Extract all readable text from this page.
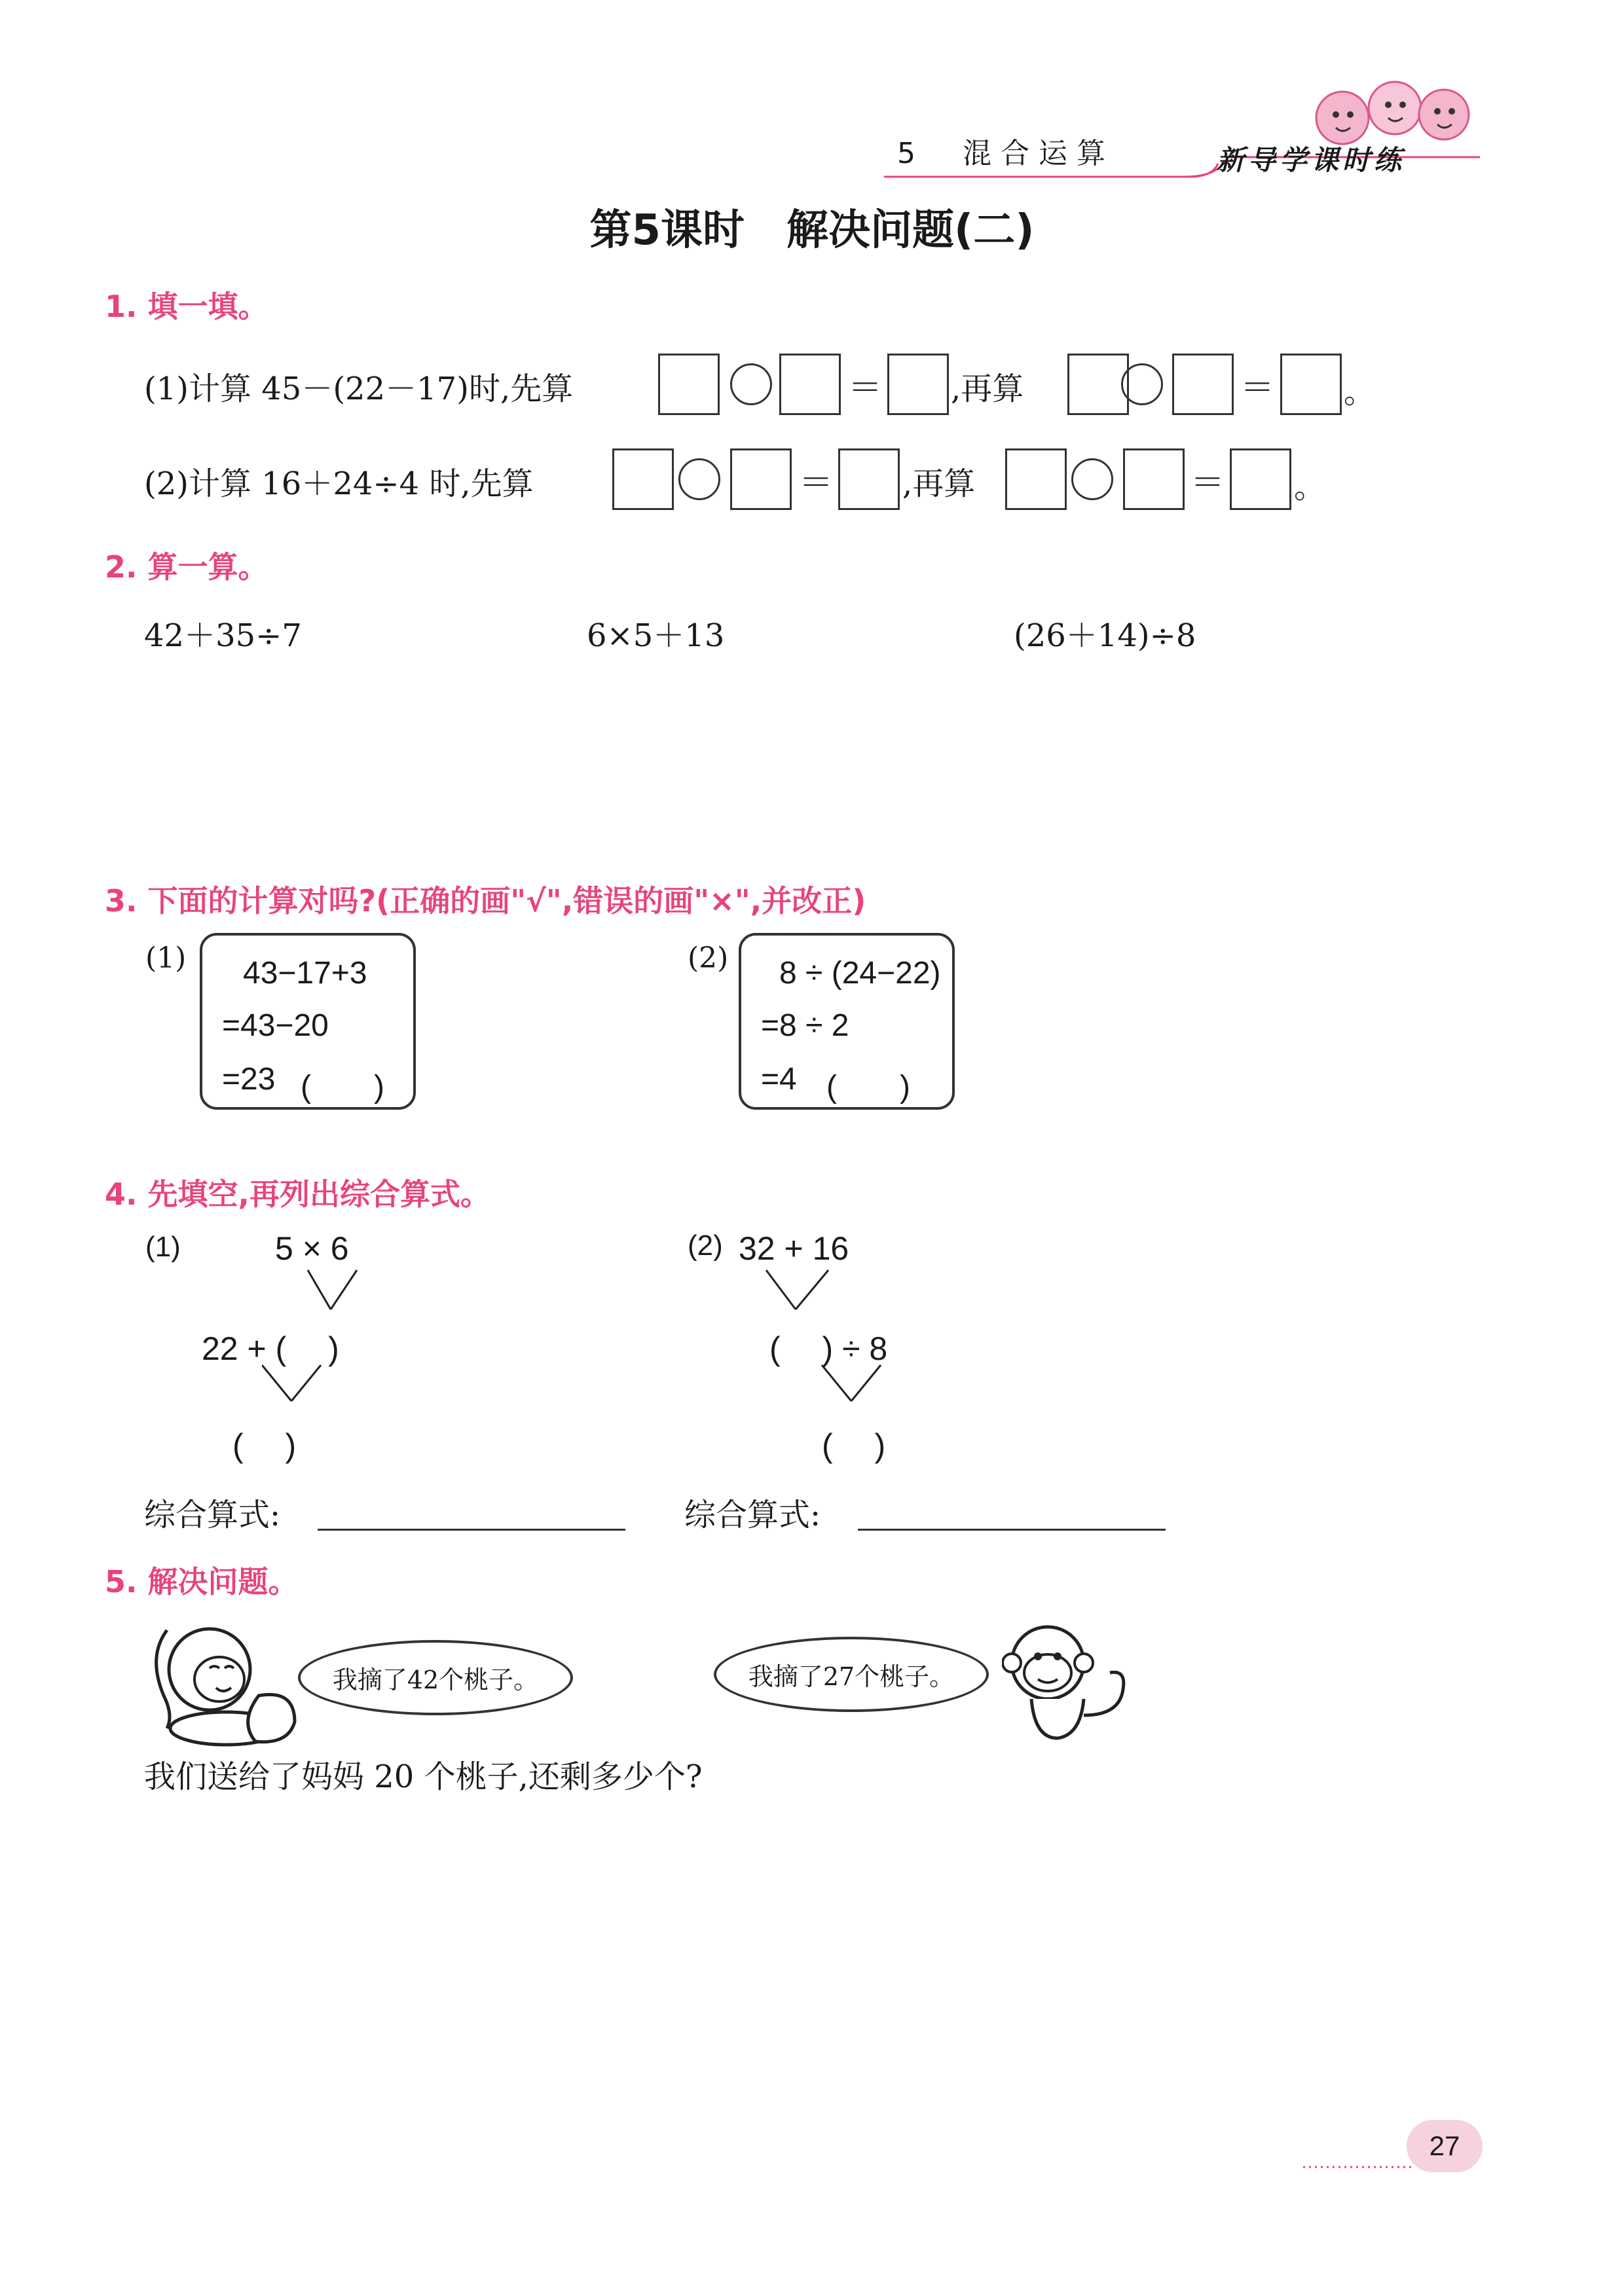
5　混合运算	新导学课时练
第5课时　解决问题(二)
1. 填一填。
(1)计算 45－(22－17)时,先算	＝ ,再算	＝ 。
(2)计算 16＋24÷4 时,先算	＝ ,再算	＝ 。
2. 算一算。
42＋35÷7	6×5＋13	(26＋14)÷8
3. 下面的计算对吗?(正确的画"√",错误的画"×",并改正)
(1) 43−17+3
=43−20
=23 (　　)
(2) 8 ÷ (24−22)
=8 ÷ 2
=4 (　　)
4. 先填空,再列出综合算式。
(1)	5 × 6
22 + (　 )
(　 )
(2) 32 + 16
(　 ) ÷ 8
(　 )
综合算式:	综合算式:
5. 解决问题。
我摘了42个桃子。	我摘了27个桃子。
我们送给了妈妈 20 个桃子,还剩多少个?
27
